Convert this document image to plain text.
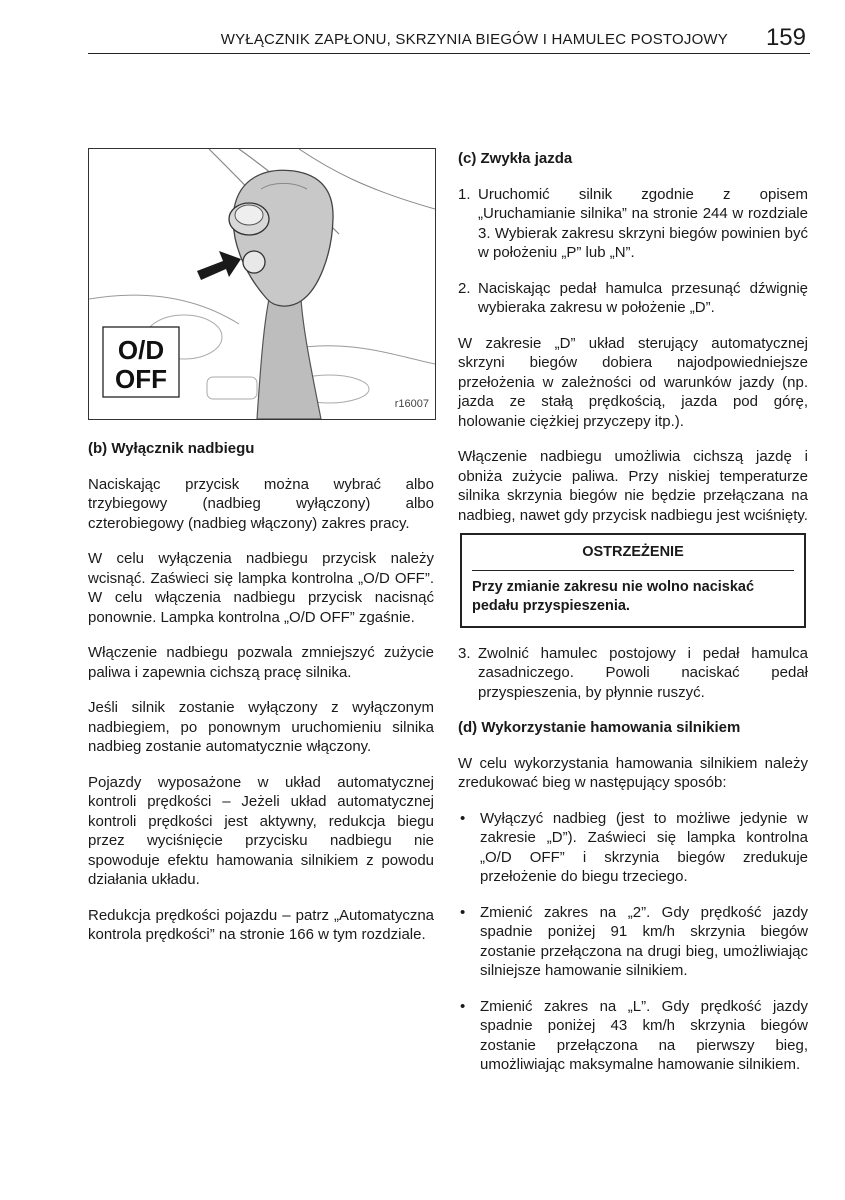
WYŁĄCZNIK ZAPŁONU, SKRZYNIA BIEGÓW I HAMULEC POSTOJOWY 159
O/D
OFF
r16007

(b) Wyłącznik nadbiegu

Naciskając przycisk można wybrać albo trzybiegowy (nadbieg wyłączony) albo czterobiegowy (nadbieg włączony) zakres pracy.

W celu wyłączenia nadbiegu przycisk należy wcisnąć. Zaświeci się lampka kontrolna „O/D OFF”. W celu włączenia nadbiegu przycisk nacisnąć ponownie. Lampka kontrolna „O/D OFF” zgaśnie.

Włączenie nadbiegu pozwala zmniejszyć zużycie paliwa i zapewnia cichszą pracę silnika.

Jeśli silnik zostanie wyłączony z wyłączonym nadbiegiem, po ponownym uruchomieniu silnika nadbieg zostanie automatycznie włączony.

Pojazdy wyposażone w układ automatycznej kontroli prędkości – Jeżeli układ automatycznej kontroli prędkości jest aktywny, redukcja biegu przez wyciśnięcie przycisku nadbiegu nie spowoduje efektu hamowania silnikiem z powodu działania układu.

Redukcja prędkości pojazdu – patrz „Automatyczna kontrola prędkości” na stronie 166 w tym rozdziale.

(c) Zwykła jazda

1. Uruchomić silnik zgodnie z opisem „Uruchamianie silnika” na stronie 244 w rozdziale 3. Wybierak zakresu skrzyni biegów powinien być w położeniu „P” lub „N”.
2. Naciskając pedał hamulca przesunąć dźwignię wybieraka zakresu w położenie „D”.

W zakresie „D” układ sterujący automatycznej skrzyni biegów dobiera najodpowiedniejsze przełożenia w zależności od warunków jazdy (np. jazda ze stałą prędkością, jazda pod górę, holowanie ciężkiej przyczepy itp.).

Włączenie nadbiegu umożliwia cichszą jazdę i obniża zużycie paliwa. Przy niskiej temperaturze silnika skrzynia biegów nie będzie przełączana na nadbieg, nawet gdy przycisk nadbiegu jest wciśnięty.

OSTRZEŻENIE
Przy zmianie zakresu nie wolno naciskać pedału przyspieszenia.
3. Zwolnić hamulec postojowy i pedał hamulca zasadniczego. Powoli naciskać pedał przyspieszenia, by płynnie ruszyć.

(d) Wykorzystanie hamowania silnikiem

W celu wykorzystania hamowania silnikiem należy zredukować bieg w następujący sposób:

• Wyłączyć nadbieg (jest to możliwe jedynie w zakresie „D”). Zaświeci się lampka kontrolna „O/D OFF” i skrzynia biegów zredukuje przełożenie do biegu trzeciego.
• Zmienić zakres na „2”. Gdy prędkość jazdy spadnie poniżej 91 km/h skrzynia biegów zostanie przełączona na drugi bieg, umożliwiając silniejsze hamowanie silnikiem.
• Zmienić zakres na „L”. Gdy prędkość jazdy spadnie poniżej 43 km/h skrzynia biegów zostanie przełączona na pierwszy bieg, umożliwiając maksymalne hamowanie silnikiem.
